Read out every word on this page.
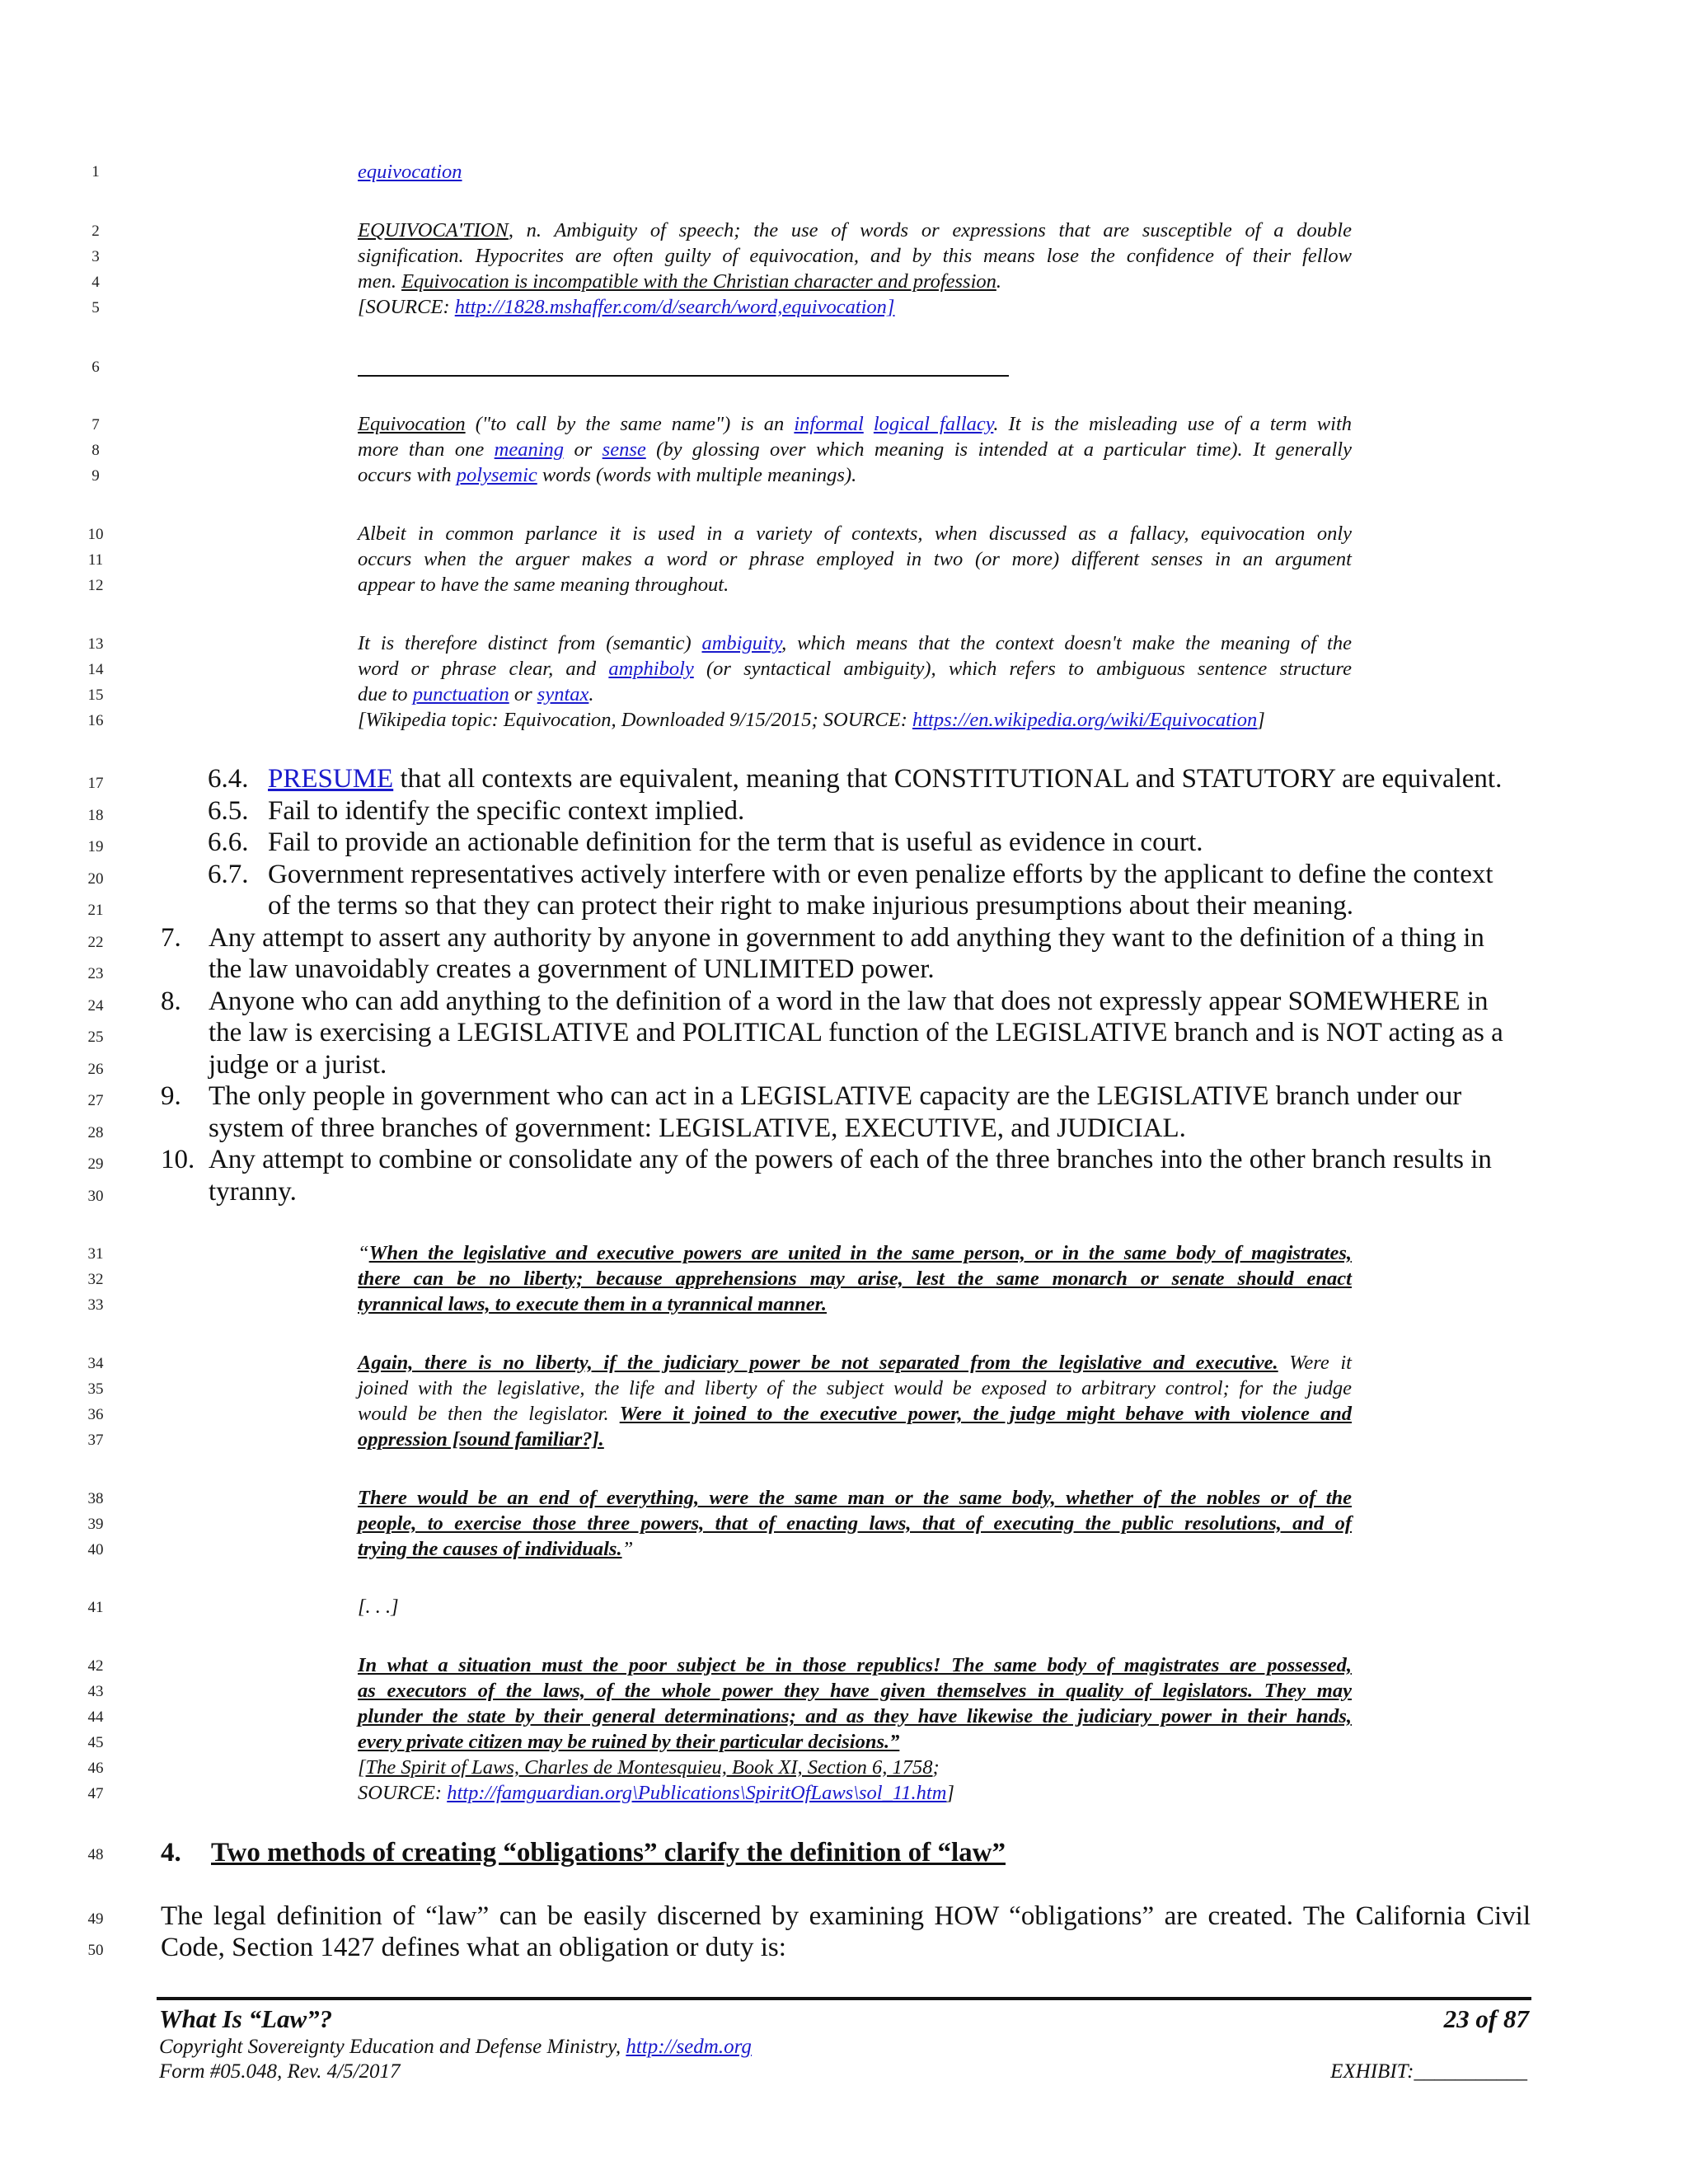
1
2
3
4
5
6
7
8
9
10
11
12
13
14
15
16
17
18
19
20
21
22
23
24
25
26
27
28
29
30
31
32
33
34
35
36
37
38
39
40
41
42
43
44
45
46
47
48
49
50
equivocation
EQUIVOCA'TION, n. Ambiguity of speech; the use of words or expressions that are susceptible of a double
signification. Hypocrites are often guilty of equivocation, and by this means lose the confidence of their fellow
men. Equivocation is incompatible with the Christian character and profession.
[SOURCE: http://1828.mshaffer.com/d/search/word,equivocation]
Equivocation ("to call by the same name") is an informal logical fallacy. It is the misleading use of a term with
more than one meaning or sense (by glossing over which meaning is intended at a particular time). It generally
occurs with polysemic words (words with multiple meanings).
Albeit in common parlance it is used in a variety of contexts, when discussed as a fallacy, equivocation only
occurs when the arguer makes a word or phrase employed in two (or more) different senses in an argument
appear to have the same meaning throughout.
It is therefore distinct from (semantic) ambiguity, which means that the context doesn't make the meaning of the
word or phrase clear, and amphiboly (or syntactical ambiguity), which refers to ambiguous sentence structure
due to punctuation or syntax.
[Wikipedia topic: Equivocation, Downloaded 9/15/2015; SOURCE: https://en.wikipedia.org/wiki/Equivocation]
6.4. PRESUME that all contexts are equivalent, meaning that CONSTITUTIONAL and STATUTORY are equivalent.
6.5. Fail to identify the specific context implied.
6.6. Fail to provide an actionable definition for the term that is useful as evidence in court.
6.7. Government representatives actively interfere with or even penalize efforts by the applicant to define the context
of the terms so that they can protect their right to make injurious presumptions about their meaning.
7. Any attempt to assert any authority by anyone in government to add anything they want to the definition of a thing in
the law unavoidably creates a government of UNLIMITED power.
8. Anyone who can add anything to the definition of a word in the law that does not expressly appear SOMEWHERE in
the law is exercising a LEGISLATIVE and POLITICAL function of the LEGISLATIVE branch and is NOT acting as a
judge or a jurist.
9. The only people in government who can act in a LEGISLATIVE capacity are the LEGISLATIVE branch under our
system of three branches of government: LEGISLATIVE, EXECUTIVE, and JUDICIAL.
10. Any attempt to combine or consolidate any of the powers of each of the three branches into the other branch results in
tyranny.
“When the legislative and executive powers are united in the same person, or in the same body of magistrates,
there can be no liberty; because apprehensions may arise, lest the same monarch or senate should enact
tyrannical laws, to execute them in a tyrannical manner.
Again, there is no liberty, if the judiciary power be not separated from the legislative and executive. Were it
joined with the legislative, the life and liberty of the subject would be exposed to arbitrary control; for the judge
would be then the legislator. Were it joined to the executive power, the judge might behave with violence and
oppression [sound familiar?].
There would be an end of everything, were the same man or the same body, whether of the nobles or of the
people, to exercise those three powers, that of enacting laws, that of executing the public resolutions, and of
trying the causes of individuals.”
[. . .]
In what a situation must the poor subject be in those republics! The same body of magistrates are possessed,
as executors of the laws, of the whole power they have given themselves in quality of legislators. They may
plunder the state by their general determinations; and as they have likewise the judiciary power in their hands,
every private citizen may be ruined by their particular decisions.”
[The Spirit of Laws, Charles de Montesquieu, Book XI, Section 6, 1758;
SOURCE: http://famguardian.org\Publications\SpiritOfLaws\sol_11.htm]
4. Two methods of creating “obligations” clarify the definition of “law”
The legal definition of “law” can be easily discerned by examining HOW “obligations” are created. The California Civil
Code, Section 1427 defines what an obligation or duty is:
What Is “Law”?	23 of 87
Copyright Sovereignty Education and Defense Ministry, http://sedm.org
Form #05.048, Rev. 4/5/2017	EXHIBIT:___________
